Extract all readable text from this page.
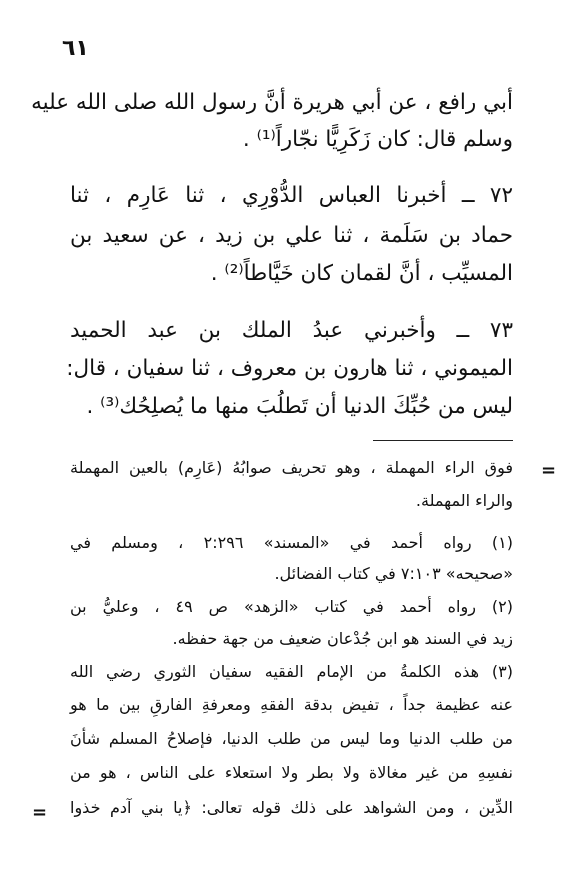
٦١
أبي رافع ، عن أبي هريرة أنَّ رسول الله صلى الله عليه
وسلم قال: كان زَكَرِيًّا نجّاراً⁽¹⁾ .
٧٢ ــ أخبرنا العباس الدُّوْرِي ، ثنا عَارِم ، ثنا
حماد بن سَلَمة ، ثنا علي بن زيد ، عن سعيد بن
المسيِّب ، أنَّ لقمان كان خَيَّاطاً⁽²⁾ .
٧٣ ــ وأخبرني عبدُ الملك بن عبد الحميد
الميموني ، ثنا هارون بن معروف ، ثنا سفيان ، قال:
ليس من حُبِّكَ الدنيا أن تَطلُبَ منها ما يُصلِحُك⁽³⁾ .
=
فوق الراء المهملة ، وهو تحريف صوابُهُ (عَارِم) بالعين المهملة
والراء المهملة.
(١) رواه أحمد في «المسند» ٢:٢٩٦ ، ومسلم في
«صحيحه» ٧:١٠٣ في كتاب الفضائل.
(٢) رواه أحمد في كتاب «الزهد» ص ٤٩ ، وعليُّ بن
زيد في السند هو ابن جُدْعان ضعيف من جهة حفظه.
(٣) هذه الكلمةُ من الإمام الفقيه سفيان الثوري رضي الله
عنه عظيمة جداً ، تفيض بدقة الفقهِ ومعرفةِ الفارقِ بين ما هو
من طلب الدنيا وما ليس من طلب الدنيا، فإصلاحُ المسلم شأنَ
نفسِهِ من غير مغالاة ولا بطر ولا استعلاء على الناس ، هو من
الدِّين ، ومن الشواهد على ذلك قوله تعالى: ﴿يا بني آدم خذوا
=
